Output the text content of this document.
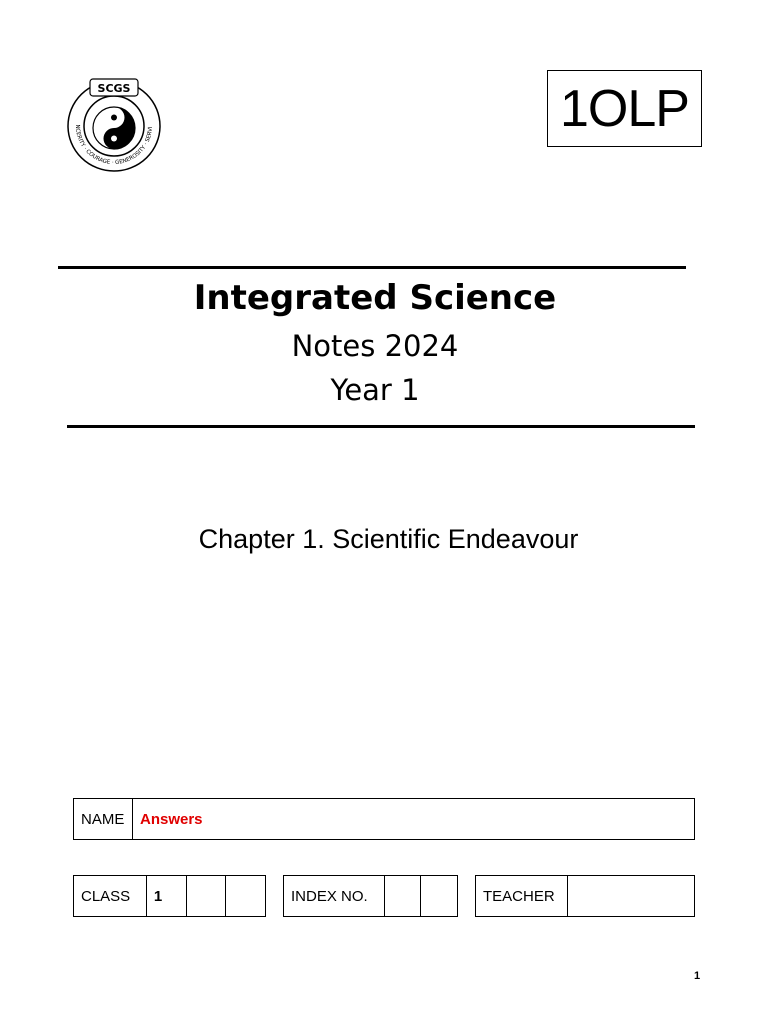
SCGS
NCERITY · COURAGE · GENEROSITY · SERVI	1OLP
Integrated Science
Notes 2024
Year 1
Chapter 1. Scientific Endeavour
NAME	Answers
CLASS	1			INDEX NO.			TEACHER	
1
